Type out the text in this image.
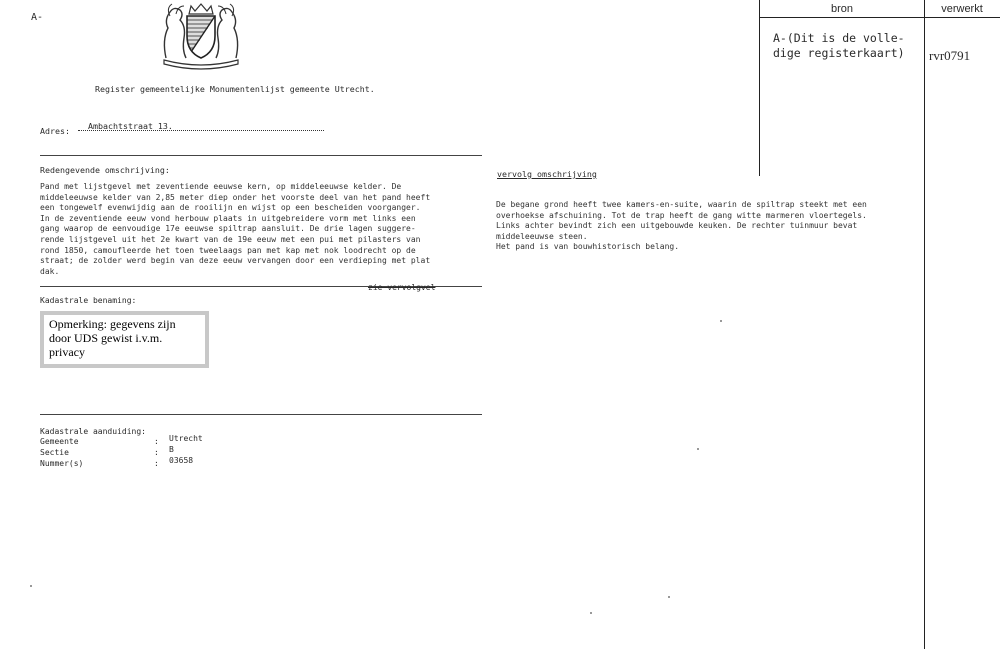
A-
Register gemeentelijke Monumentenlijst gemeente Utrecht.
Adres: Ambachtstraat 13.
Redengevende omschrijving:
Pand met lijstgevel met zeventiende eeuwse kern, op middeleeuwse kelder. De
middeleeuwse kelder van 2,85 meter diep onder het voorste deel van het pand heeft
een tongewelf evenwijdig aan de rooilijn en wijst op een bescheiden voorganger.
In de zeventiende eeuw vond herbouw plaats in uitgebreidere vorm met links een
gang waarop de eenvoudige 17e eeuwse spiltrap aansluit. De drie lagen suggere-
rende lijstgevel uit het 2e kwart van de 19e eeuw met een pui met pilasters van
rond 1850, camoufleerde het toen tweelaags pan met kap met nok loodrecht op de
straat; de zolder werd begin van deze eeuw vervangen door een verdieping met plat
dak.
zie vervolgvel
Kadastrale benaming:
Opmerking: gegevens zijn door UDS gewist i.v.m. privacy
Kadastrale aanduiding:
Gemeente	: Utrecht
Sectie	: B
Nummer(s)	: 03658
vervolg omschrijving
De begane grond heeft twee kamers-en-suite, waarin de spiltrap steekt met een
overhoekse afschuining. Tot de trap heeft de gang witte marmeren vloertegels.
Links achter bevindt zich een uitgebouwde keuken. De rechter tuinmuur bevat
middeleeuwse steen.
Het pand is van bouwhistorisch belang.
bron	verwerkt
A-(Dit is de volle-
dige registerkaart) rvr0791
